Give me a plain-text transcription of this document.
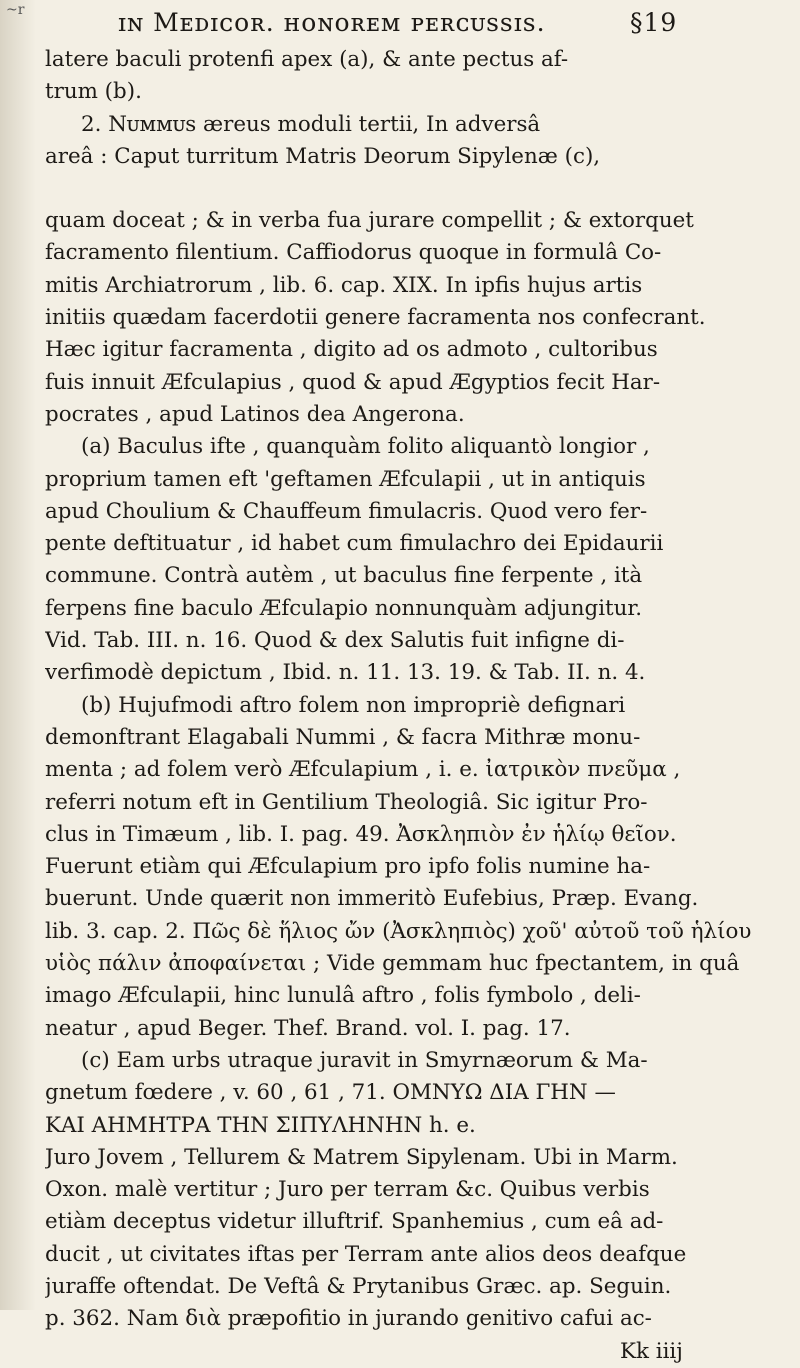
~r	ɪɴ Mᴇᴅɪᴄᴏʀ. ʜᴏɴᴏʀᴇᴍ ᴘᴇʀᴄᴜssɪs.	§19
latere baculi protenfi apex (a), & ante pectus af-
trum (b).
2. Nᴜᴍᴍᴜs æreus moduli tertii, In adversâ
areâ : Caput turritum Matris Deorum Sipylenæ (c),
quam doceat ; & in verba fua jurare compellit ; & extorquet
facramento filentium. Caffiodorus quoque in formulâ Co-
mitis Archiatrorum , lib. 6. cap. XIX. In ipfis hujus artis
initiis quædam facerdotii genere facramenta nos confecrant.
Hæc igitur facramenta , digito ad os admoto , cultoribus
fuis innuit Æfculapius , quod & apud Ægyptios fecit Har-
pocrates , apud Latinos dea Angerona.
(a) Baculus ifte , quanquàm folito aliquantò longior ,
proprium tamen eft 'geftamen Æfculapii , ut in antiquis
apud Choulium & Chauffeum fimulacris. Quod vero fer-
pente deftituatur , id habet cum fimulachro dei Epidaurii
commune. Contrà autèm , ut baculus fine ferpente , ità
ferpens fine baculo Æfculapio nonnunquàm adjungitur.
Vid. Tab. III. n. 16. Quod & dex Salutis fuit infigne di-
verfimodè depictum , Ibid. n. 11. 13. 19. & Tab. II. n. 4.
(b) Hujufmodi aftro folem non impropriè defignari
demonftrant Elagabali Nummi , & facra Mithræ monu-
menta ; ad folem verò Æfculapium , i. e. ἰατρικὸν πνεῦμα ,
referri notum eft in Gentilium Theologiâ. Sic igitur Pro-
clus in Timæum , lib. I. pag. 49. Ἀσκληπιὸν ἐν ἡλίῳ θεῖον.
Fuerunt etiàm qui Æfculapium pro ipfo folis numine ha-
buerunt. Unde quærit non immeritò Eufebius, Præp. Evang.
lib. 3. cap. 2. Πῶς δὲ ἥλιος ὤν (Ἀσκληπιὸς) χοῦ' αὐτοῦ τοῦ ἡλίου
υἱὸς πάλιν ἀποφαίνεται ; Vide gemmam huc fpectantem, in quâ
imago Æfculapii, hinc lunulâ aftro , folis fymbolo , deli-
neatur , apud Beger. Thef. Brand. vol. I. pag. 17.
(c) Eam urbs utraque juravit in Smyrnæorum & Ma-
gnetum fœdere , v. 60 , 61 , 71. ΟΜΝΥΩ ΔΙΑ ΓΗΝ —
ΚΑΙ ΑΗΜΗΤΡΑ ΤΗΝ ΣΙΠΥΛΗΝΗΝ h. e.
Juro Jovem , Tellurem & Matrem Sipylenam. Ubi in Marm.
Oxon. malè vertitur ; Juro per terram &c. Quibus verbis
etiàm deceptus videtur illuftrif. Spanhemius , cum eâ ad-
ducit , ut civitates iftas per Terram ante alios deos deafque
juraffe oftendat. De Veftâ & Prytanibus Græc. ap. Seguin.
p. 362. Nam διὰ præpofitio in jurando genitivo cafui ac-
Kk iiij
